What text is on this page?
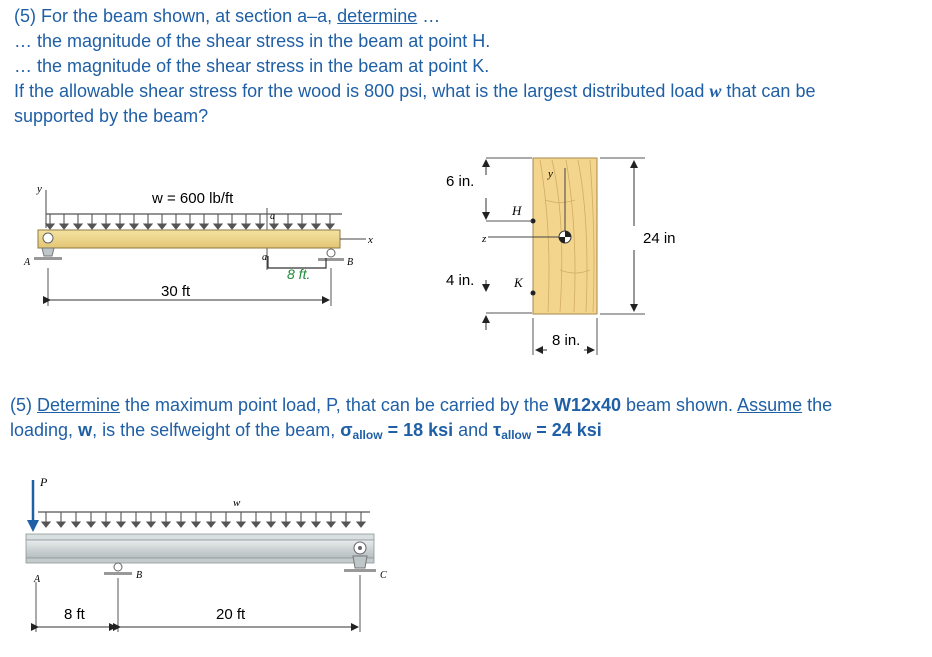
(5) For the beam shown, at section a–a, determine …

… the magnitude of the shear stress in the beam at point H.

… the magnitude of the shear stress in the beam at point K.

If the allowable shear stress for the wood is 800 psi, what is the largest distributed load w that can be

supported by the beam?

y
w = 600 lb/ft
a
a
x
A	B
8 ft.
30 ft
y
z
H
K
6 in.
4 in.
24 in
8 in.
P
w
A	B	C
8 ft	20 ft

(5) Determine the maximum point load, P, that can be carried by the W12x40 beam shown. Assume the

loading, w, is the selfweight of the beam, $\sigma_{allow} = 18$ ksi and $\tau_{allow} = 24$ ksi
